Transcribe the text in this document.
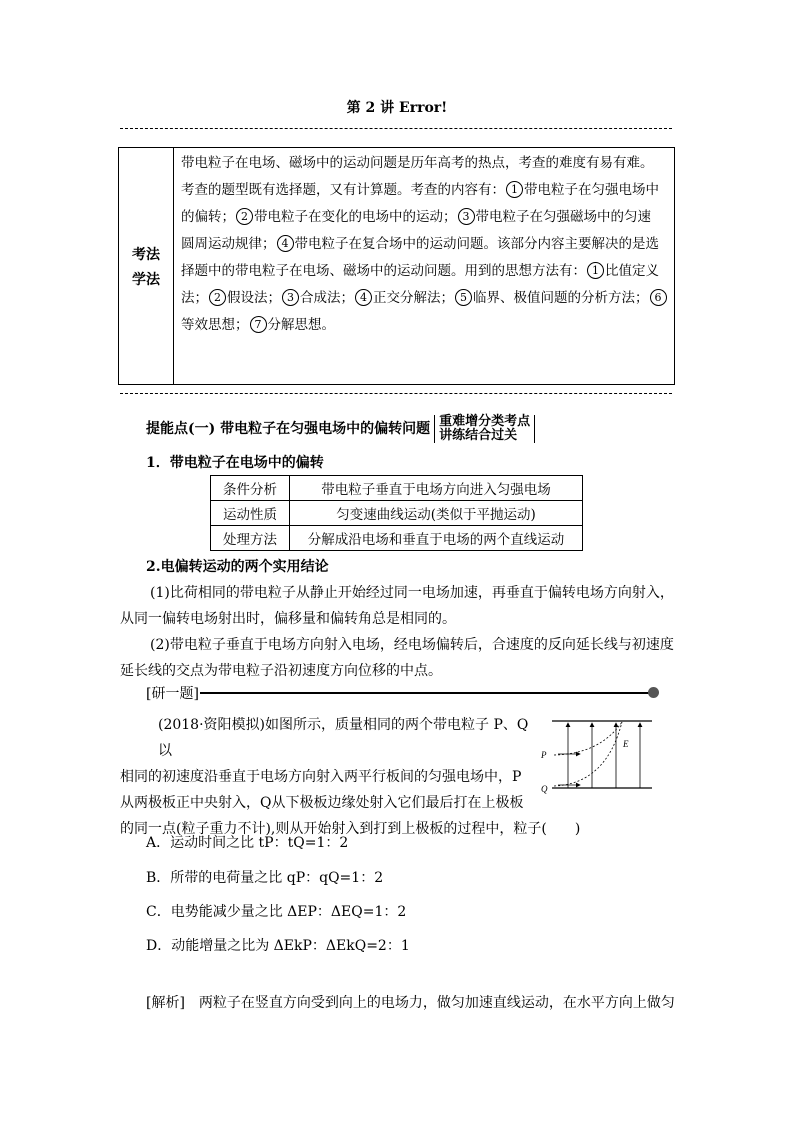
第 2 讲 Error!
考法
学法
带电粒子在电场、磁场中的运动问题是历年高考的热点，考查的难度有易有难。
考查的题型既有选择题，又有计算题。考查的内容有： 1 带电粒子在匀强电场中
的偏转； 2 带电粒子在变化的电场中的运动； 3 带电粒子在匀强磁场中的匀速
圆周运动规律； 4 带电粒子在复合场中的运动问题。该部分内容主要解决的是选
择题中的带电粒子在电场、磁场中的运动问题。用到的思想方法有： 1 比值定义
法； 2 假设法； 3 合成法； 4 正交分解法； 5 临界、极值问题的分析方法； 6
等效思想； 7 分解思想。
提能点(一) 带电粒子在匀强电场中的偏转问题 重难增分类考点
讲练结合过关
1．带电粒子在电场中的偏转
条件分析	带电粒子垂直于电场方向进入匀强电场
运动性质	匀变速曲线运动(类似于平抛运动)
处理方法	分解成沿电场和垂直于电场的两个直线运动
2.电偏转运动的两个实用结论
(1)比荷相同的带电粒子从静止开始经过同一电场加速，再垂直于偏转电场方向射入，
从同一偏转电场射出时，偏移量和偏转角总是相同的。
(2)带电粒子垂直于电场方向射入电场，经电场偏转后，合速度的反向延长线与初速度
延长线的交点为带电粒子沿初速度方向位移的中点。
[研一题]
(2018·资阳模拟)如图所示，质量相同的两个带电粒子 P、Q以
相同的初速度沿垂直于电场方向射入两平行板间的匀强电场中，P
从两极板正中央射入，Q从下极板边缘处射入它们最后打在上极板
的同一点(粒子重力不计),则从开始射入到打到上极板的过程中，粒子(　　)
P
Q
E
A．运动时间之比 tP：tQ=1：2
B．所带的电荷量之比 qP：qQ=1：2
C．电势能减少量之比 ΔEP：ΔEQ=1：2
D．动能增量之比为 ΔEkP：ΔEkQ=2：1
[解析]　两粒子在竖直方向受到向上的电场力，做匀加速直线运动，在水平方向上做匀
